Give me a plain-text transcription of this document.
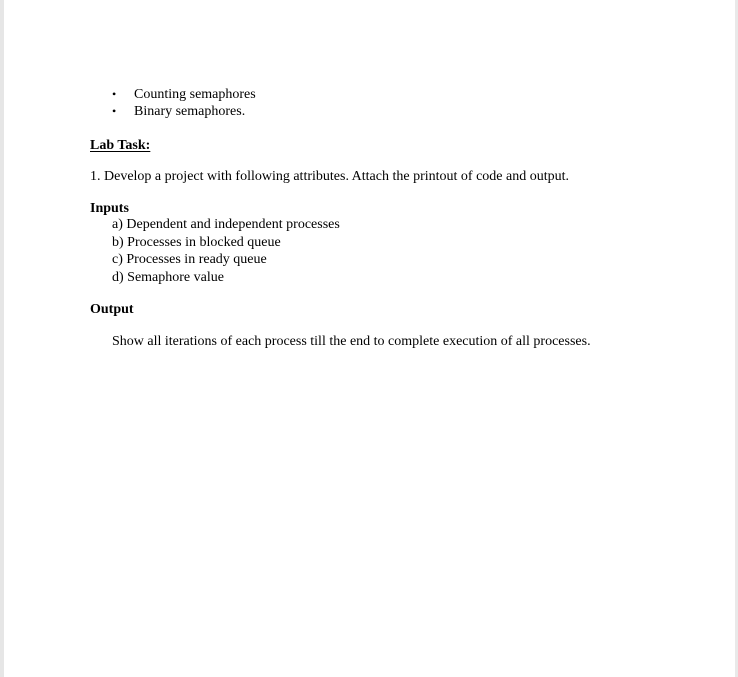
• Counting semaphores
• Binary semaphores.
Lab Task:
1. Develop a project with following attributes. Attach the printout of code and output.
Inputs
a) Dependent and independent processes
b) Processes in blocked queue
c) Processes in ready queue
d) Semaphore value
Output
Show all iterations of each process till the end to complete execution of all processes.
